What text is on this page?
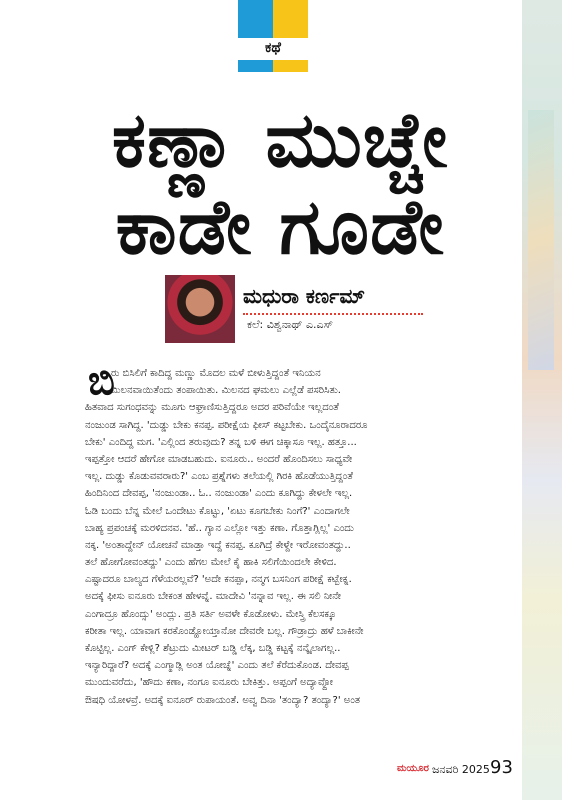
ಕಥೆ
ಕಣ್ಣಾ ಮುಚ್ಚೇ
ಕಾಡೇ ಗೂಡೇ
ಮಧುರಾ ಕರ್ಣಮ್
ಕಲೆ: ವಿಶ್ವನಾಥ್ ಎ.ಎಸ್
ಬಿ
ರು ಬಿಸಿಲಿಗೆ ಕಾದಿದ್ದ ಮಣ್ಣು ಮೊದಲ ಮಳೆ ಬೀಳುತ್ತಿದ್ದಂತೆ ಇನಿಯನ
ಮಿಲನವಾಯಿತೆಂದು ತಂಪಾಯಿತು. ಮಿಲನದ ಘಮಲು ಎಲ್ಲೆಡೆ ಪಸರಿಸಿತು.
ಹಿತವಾದ ಸುಗಂಧವನ್ನು ಮೂಗು ಆಘ್ರಾಣಿಸುತ್ತಿದ್ದರೂ ಅದರ ಪರಿವೆಯೇ ಇಲ್ಲದಂತೆ
ನಂಜುಂಡ ಸಾಗಿದ್ದ. 'ದುಡ್ಡು ಬೇಕು ಕನಪ್ಪ. ಪರೀಕ್ಷೆಯ ಫೀಸ್ ಕಟ್ಟಬೇಕು. ಒಂದೈನೂರಾದರೂ
ಬೇಕು' ಎಂದಿದ್ದ ಮಗ. 'ಎಲ್ಲಿಂದ ತರುವುದು? ತನ್ನ ಬಳಿ ಈಗ ಚಿಕ್ಕಾಸೂ ಇಲ್ಲ. ಹತ್ತೂ...
ಇಪ್ಪತ್ತೋ ಆದರೆ ಹೇಗೋ ಮಾಡಬಹುದು. ಐನೂರು.. ಅಂದರೆ ಹೊಂದಿಸಲು ಸಾಧ್ಯವೇ
ಇಲ್ಲ. ದುಡ್ಡು ಕೊಡುವವರಾರು?' ಎಂಬ ಪ್ರಶ್ನೆಗಳು ತಲೆಯಲ್ಲಿ ಗಿರಕಿ ಹೊಡೆಯುತ್ತಿದ್ದಂತೆ
ಹಿಂದಿನಿಂದ ದೇವಪ್ಪ, 'ನಂಜುಂಡಾ.. ಓ.. ನಂಜುಂಡಾ' ಎಂದು ಕೂಗಿದ್ದು ಕೇಳಲೇ ಇಲ್ಲ.
ಓಡಿ ಬಂದು ಬೆನ್ನ ಮೇಲೆ ಒಂದೇಟು ಕೊಟ್ಟು, 'ಏಟು ಕೂಗಬೇಕು ನಿಂಗೆ?' ಎಂದಾಗಲೇ
ಬಾಹ್ಯ ಪ್ರಪಂಚಕ್ಕೆ ಮರಳಿದನವ. 'ಹೆ.. ಗ್ಯಾನ ಎಲ್ಲೋ ಇತ್ತು ಕಣಾ. ಗೊತ್ತಾಗ್ಲಿಲ್ಲ' ಎಂದು
ನಕ್ಕ. 'ಅಂತಾದ್ದೇನ್ ಯೋಚನೆ ಮಾಡ್ತಾ ಇದ್ದೆ ಕನಪ್ಪ. ಕೂಗಿದ್ರೆ ಕೇಳ್ದೇ ಇರೋವಂತದ್ದು..
ತಲೆ ಹೋಗೋವಂತದ್ದು' ಎಂದು ಹೆಗಲ ಮೇಲೆ ಕೈ ಹಾಕಿ ಸಲಿಗೆಯಿಂದಲೇ ಕೇಳಿದ.
ಎಷ್ಟಾದರೂ ಬಾಲ್ಯದ ಗೆಳೆಯರಲ್ಲವೆ? 'ಅದೇ ಕನಪ್ಪಾ, ನನ್ಮಗ ಬಸನಿಂಗ ಪರೀಕ್ಷೆ ಕಟ್ಬೇಕ್ನ.
ಅದಕ್ಕೆ ಫೀಸು ಐನೂರು ಬೇಕಂತ ಹೇಳವ್ನೆ. ಮಾದೇವಿ 'ನನ್ನಾವ ಇಲ್ಲ. ಈ ಸಲಿ ನೀನೇ
ಎಂಗಾದ್ರೂ ಹೊಂದ್ಸು' ಅಂದ್ಲು. ಪ್ರತಿ ಸರ್ತಿ ಅವಳೇ ಕೊಡೋಳು. ಮೇಸ್ತ್ರಿ ಕೆಲಸಕ್ಕೂ
ಕರೀತಾ ಇಲ್ಲ. ಯಾವಾಗ ಕರಕೊಂಡ್ಹೋಯ್ತಾನೋ ದೇವರೇ ಬಲ್ಲ. ಗೌಡ್ರಾದ್ರು ಹಳೆ ಬಾಕೀನೇ
ಕೊಟ್ಟಿಲ್ಲ. ಎಂಗ್ ಕೇಳ್ಲಿ? ಶೆಟ್ರುದು ಮೀಟರ್ ಬಡ್ಡಿ ಲೆಕ್ಕ, ಬಡ್ಡಿ ಕಟ್ಟಕ್ಕೆ ನನ್ಕೈಲಾಗಲ್ಲ..
ಇನ್ಯಾರಿದ್ದಾರೆ? ಅದಕ್ಕೆ ಎಂಗ್ಮಾಡ್ಲಿ ಅಂತ ಯೋಚ್ನೆ' ಎಂದು ತಲೆ ಕೆರೆದುಕೊಂಡ. ದೇವಪ್ಪ
ಮುಂದುವರೆದು, 'ಹೌದು ಕಣಾ, ನಂಗೂ ಐನೂರು ಬೇಕಿತ್ತು. ಅಪ್ಪಂಗೆ ಅದ್ಯಾವ್ದೋ
ಔಷಧಿ ಯೋಳವ್ರೆ. ಅದಕ್ಕೆ ಐನೂರ್ ರುಪಾಯಂತೆ. ಅವ್ವ ದಿನಾ 'ತಂದ್ಯಾ? ತಂದ್ಯಾ?' ಅಂತ
ಮಯೂರ ಜನವರಿ 2025 93
